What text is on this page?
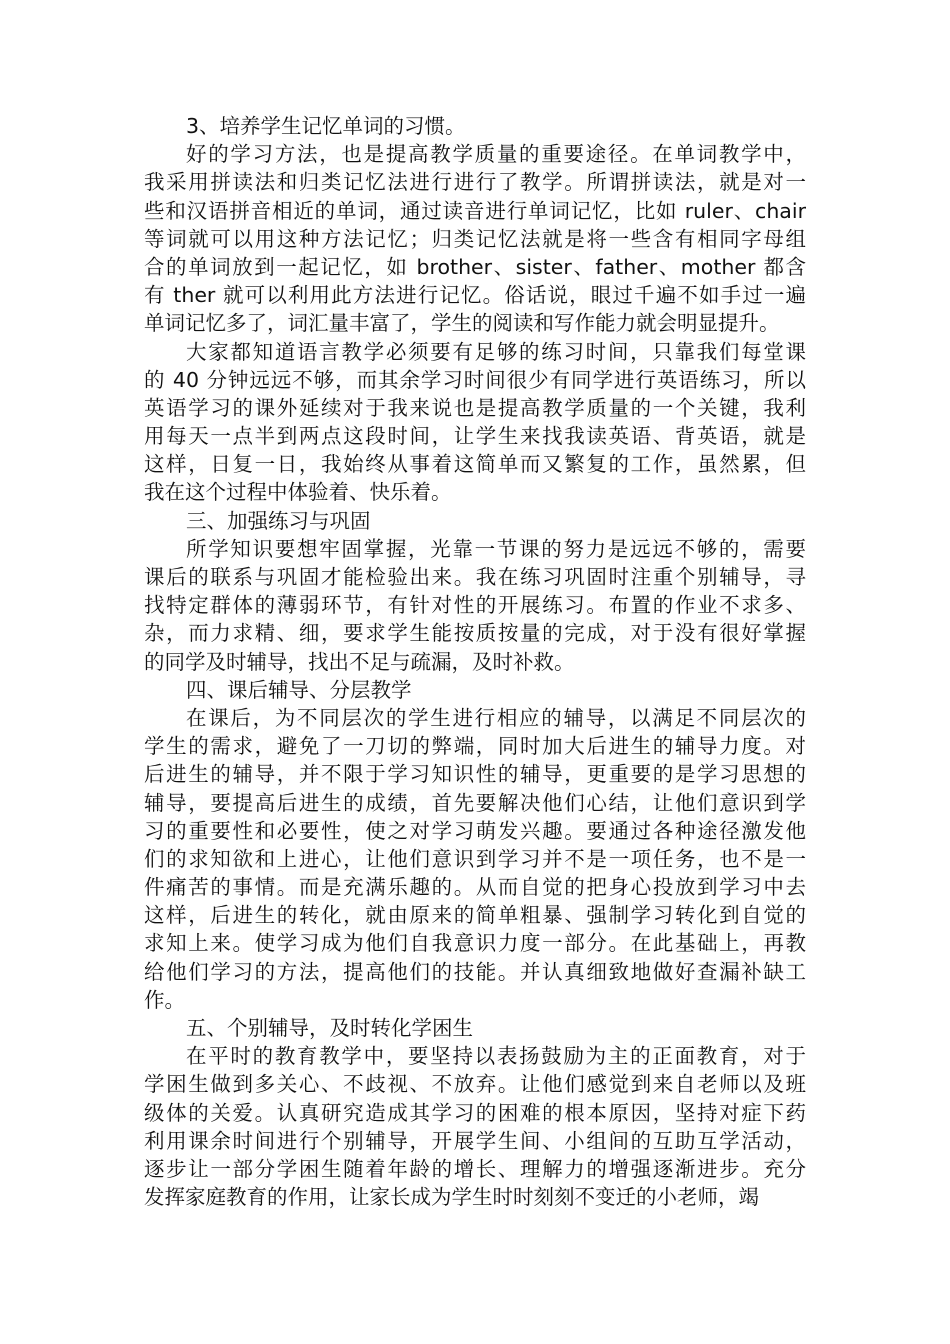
3、培养学生记忆单词的习惯。
好的学习方法，也是提高教学质量的重要途径。在单词教学中，
我采用拼读法和归类记忆法进行进行了教学。所谓拼读法，就是对一
些和汉语拼音相近的单词，通过读音进行单词记忆，比如 ruler、chair
等词就可以用这种方法记忆；归类记忆法就是将一些含有相同字母组
合的单词放到一起记忆，如 brother、sister、father、mother 都含
有 ther 就可以利用此方法进行记忆。俗话说，眼过千遍不如手过一遍
单词记忆多了，词汇量丰富了，学生的阅读和写作能力就会明显提升。
大家都知道语言教学必须要有足够的练习时间，只靠我们每堂课
的 40 分钟远远不够，而其余学习时间很少有同学进行英语练习，所以
英语学习的课外延续对于我来说也是提高教学质量的一个关键，我利
用每天一点半到两点这段时间，让学生来找我读英语、背英语，就是
这样，日复一日，我始终从事着这简单而又繁复的工作，虽然累，但
我在这个过程中体验着、快乐着。
三、加强练习与巩固
所学知识要想牢固掌握，光靠一节课的努力是远远不够的，需要
课后的联系与巩固才能检验出来。我在练习巩固时注重个别辅导，寻
找特定群体的薄弱环节，有针对性的开展练习。布置的作业不求多、
杂，而力求精、细，要求学生能按质按量的完成，对于没有很好掌握
的同学及时辅导，找出不足与疏漏，及时补救。
四、课后辅导、分层教学
在课后，为不同层次的学生进行相应的辅导，以满足不同层次的
学生的需求，避免了一刀切的弊端，同时加大后进生的辅导力度。对
后进生的辅导，并不限于学习知识性的辅导，更重要的是学习思想的
辅导，要提高后进生的成绩，首先要解决他们心结，让他们意识到学
习的重要性和必要性，使之对学习萌发兴趣。要通过各种途径激发他
们的求知欲和上进心，让他们意识到学习并不是一项任务，也不是一
件痛苦的事情。而是充满乐趣的。从而自觉的把身心投放到学习中去
这样，后进生的转化，就由原来的简单粗暴、强制学习转化到自觉的
求知上来。使学习成为他们自我意识力度一部分。在此基础上，再教
给他们学习的方法，提高他们的技能。并认真细致地做好查漏补缺工
作。
五、个别辅导，及时转化学困生
在平时的教育教学中，要坚持以表扬鼓励为主的正面教育，对于
学困生做到多关心、不歧视、不放弃。让他们感觉到来自老师以及班
级体的关爱。认真研究造成其学习的困难的根本原因，坚持对症下药
利用课余时间进行个别辅导，开展学生间、小组间的互助互学活动，
逐步让一部分学困生随着年龄的增长、理解力的增强逐渐进步。充分
发挥家庭教育的作用，让家长成为学生时时刻刻不变迁的小老师，竭
